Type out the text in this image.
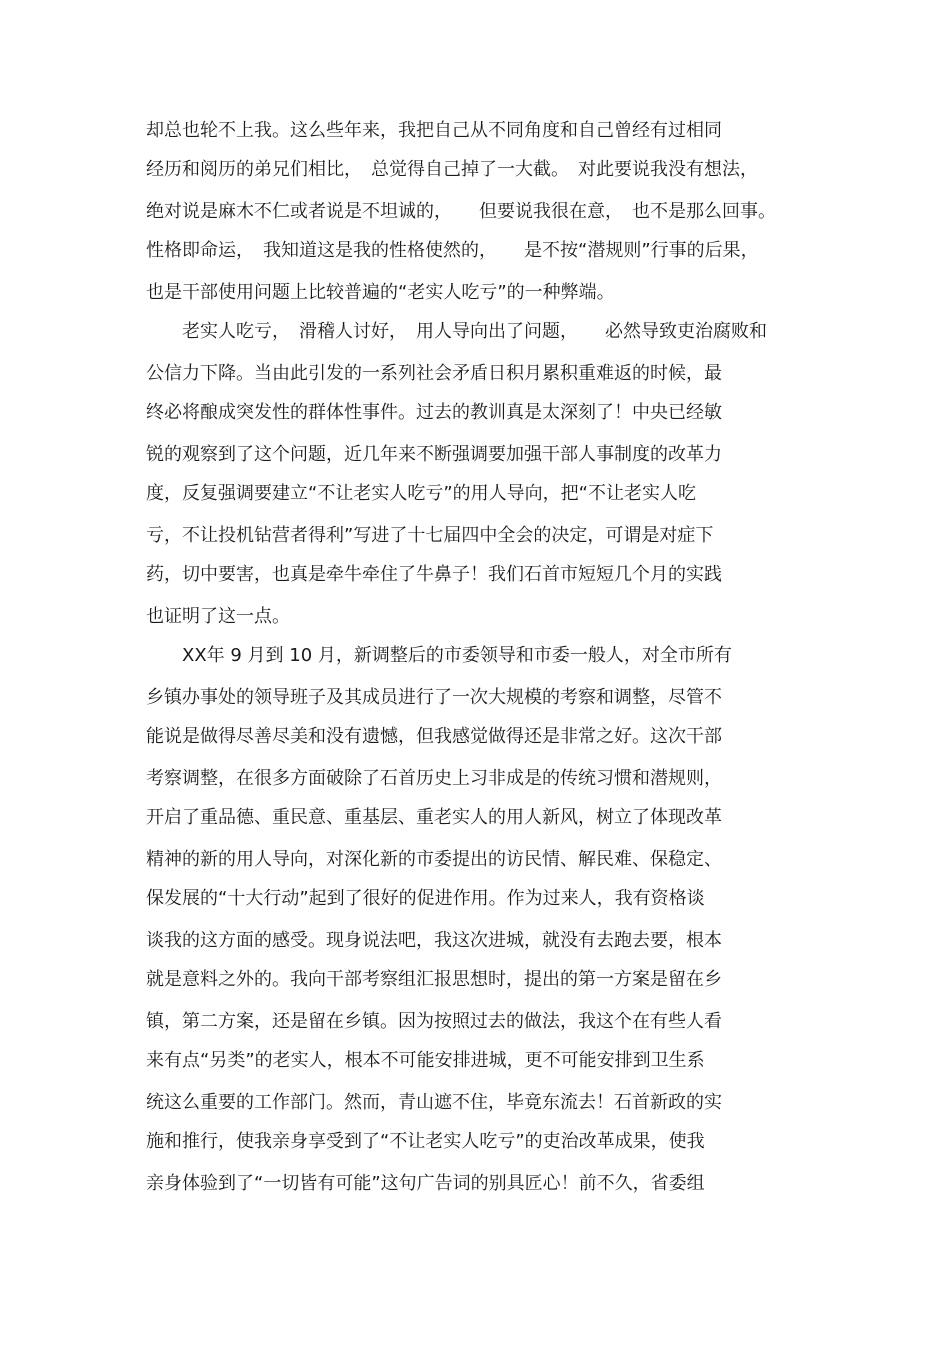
却总也轮不上我。这么些年来，我把自己从不同角度和自己曾经有过相同
经历和阅历的弟兄们相比，　总觉得自己掉了一大截。　对此要说我没有想法，
绝对说是麻木不仁或者说是不坦诚的，　　但要说我很在意，　也不是那么回事。
性格即命运，　我知道这是我的性格使然的，　　是不按“潜规则”行事的后果，
也是干部使用问题上比较普遍的“老实人吃亏”的一种弊端。
　　老实人吃亏，　滑稽人讨好，　用人导向出了问题，　　必然导致吏治腐败和
公信力下降。当由此引发的一系列社会矛盾日积月累积重难返的时候，最
终必将酿成突发性的群体性事件。过去的教训真是太深刻了！中央已经敏
锐的观察到了这个问题，近几年来不断强调要加强干部人事制度的改革力
度，反复强调要建立“不让老实人吃亏”的用人导向，把“不让老实人吃
亏，不让投机钻营者得利”写进了十七届四中全会的决定，可谓是对症下
药，切中要害，也真是牵牛牵住了牛鼻子！我们石首市短短几个月的实践
也证明了这一点。
　　XX年 9 月到 10 月，新调整后的市委领导和市委一般人，对全市所有
乡镇办事处的领导班子及其成员进行了一次大规模的考察和调整，尽管不
能说是做得尽善尽美和没有遗憾，但我感觉做得还是非常之好。这次干部
考察调整，在很多方面破除了石首历史上习非成是的传统习惯和潜规则，
开启了重品德、重民意、重基层、重老实人的用人新风，树立了体现改革
精神的新的用人导向，对深化新的市委提出的访民情、解民难、保稳定、
保发展的“十大行动”起到了很好的促进作用。作为过来人，我有资格谈
谈我的这方面的感受。现身说法吧，我这次进城，就没有去跑去要，根本
就是意料之外的。我向干部考察组汇报思想时，提出的第一方案是留在乡
镇，第二方案，还是留在乡镇。因为按照过去的做法，我这个在有些人看
来有点“另类”的老实人，根本不可能安排进城，更不可能安排到卫生系
统这么重要的工作部门。然而，青山遮不住，毕竟东流去！石首新政的实
施和推行，使我亲身享受到了“不让老实人吃亏”的吏治改革成果，使我
亲身体验到了“一切皆有可能”这句广告词的别具匠心！前不久，省委组
